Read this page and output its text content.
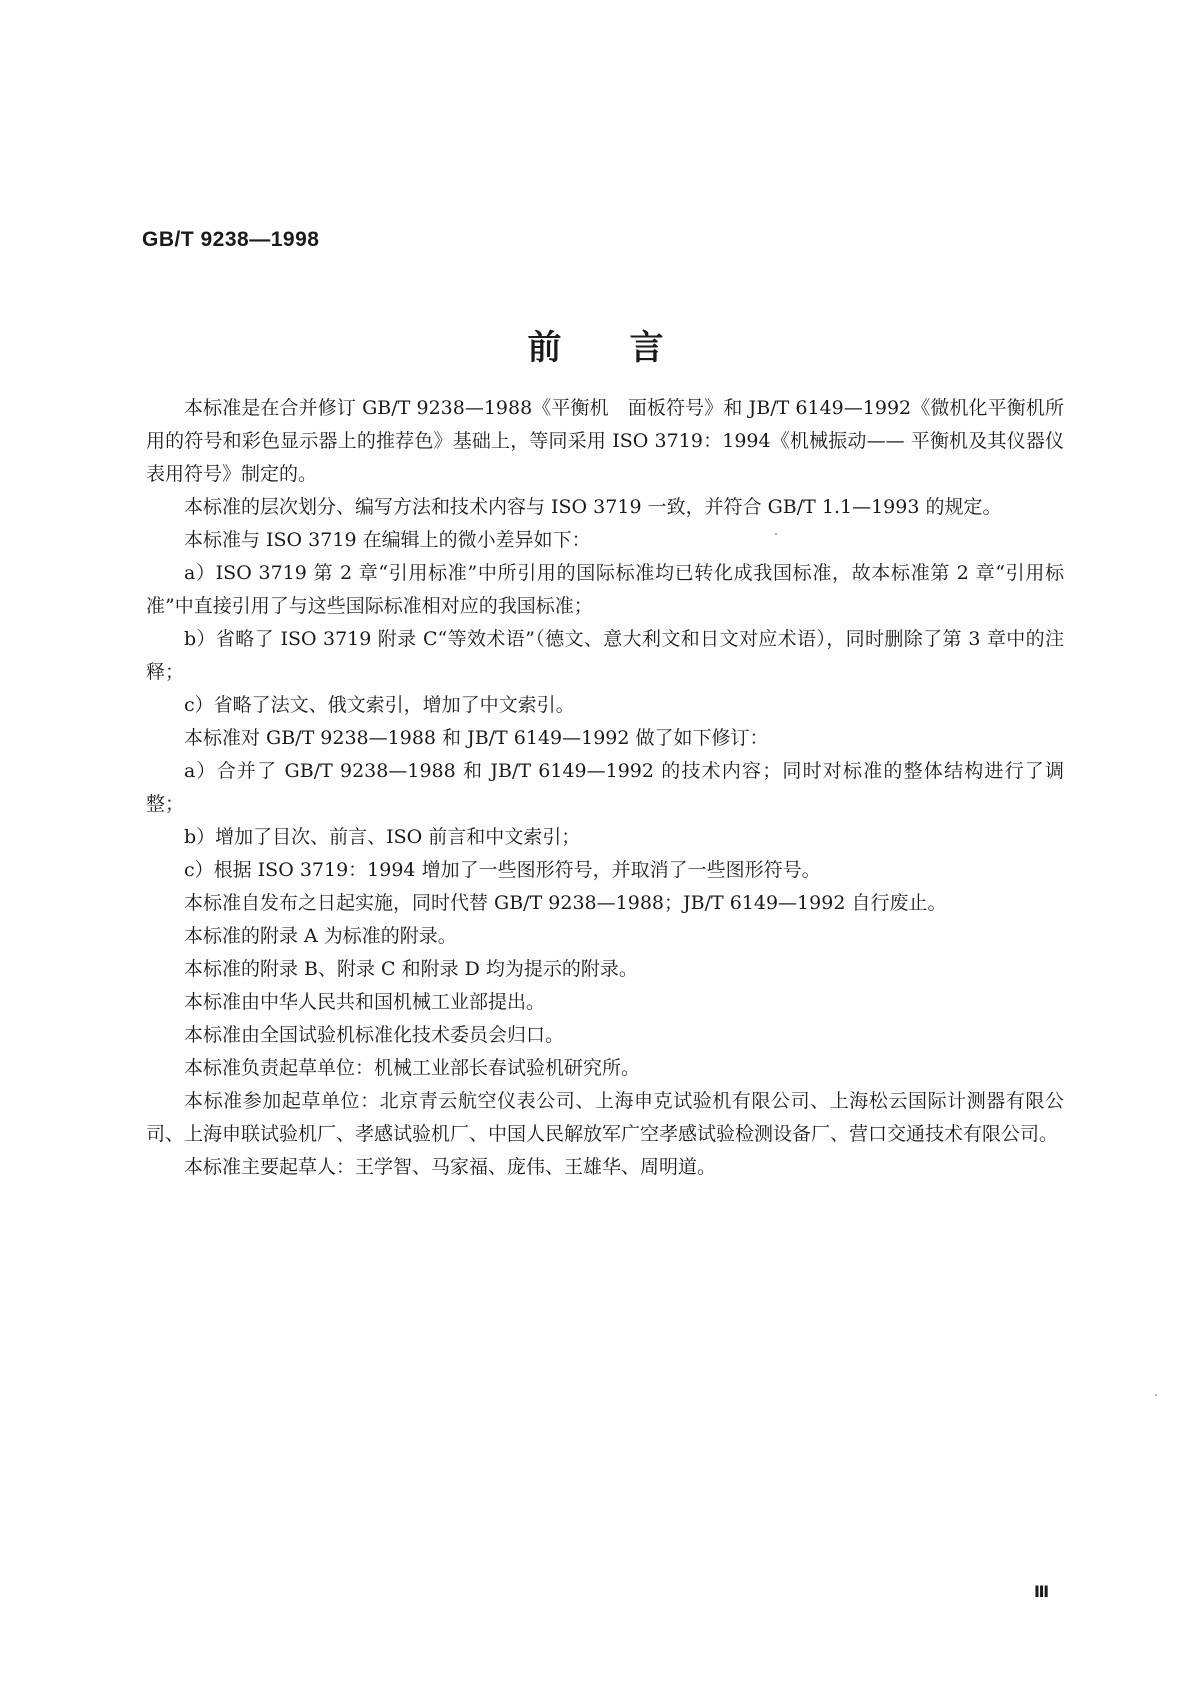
GB/T 9238—1998
前　　言

本标准是在合并修订 GB/T 9238—1988《平衡机　面板符号》和 JB/T 6149—1992《微机化平衡机所用的符号和彩色显示器上的推荐色》基础上，等同采用 ISO 3719：1994《机械振动—— 平衡机及其仪器仪表用符号》制定的。

本标准的层次划分、编写方法和技术内容与 ISO 3719 一致，并符合 GB/T 1.1—1993 的规定。

本标准与 ISO 3719 在编辑上的微小差异如下：

a）ISO 3719 第 2 章“引用标准”中所引用的国际标准均已转化成我国标准，故本标准第 2 章“引用标准”中直接引用了与这些国际标准相对应的我国标准；

b）省略了 ISO 3719 附录 C“等效术语”（德文、意大利文和日文对应术语），同时删除了第 3 章中的注释；

c）省略了法文、俄文索引，增加了中文索引。

本标准对 GB/T 9238—1988 和 JB/T 6149—1992 做了如下修订：

a）合并了 GB/T 9238—1988 和 JB/T 6149—1992 的技术内容；同时对标准的整体结构进行了调整；

b）增加了目次、前言、ISO 前言和中文索引；

c）根据 ISO 3719：1994 增加了一些图形符号，并取消了一些图形符号。

本标准自发布之日起实施，同时代替 GB/T 9238—1988；JB/T 6149—1992 自行废止。

本标准的附录 A 为标准的附录。

本标准的附录 B、附录 C 和附录 D 均为提示的附录。

本标准由中华人民共和国机械工业部提出。

本标准由全国试验机标准化技术委员会归口。

本标准负责起草单位：机械工业部长春试验机研究所。

本标准参加起草单位：北京青云航空仪表公司、上海申克试验机有限公司、上海松云国际计测器有限公司、上海申联试验机厂、孝感试验机厂、中国人民解放军广空孝感试验检测设备厂、营口交通技术有限公司。

本标准主要起草人：王学智、马家福、庞伟、王雄华、周明道。

Ⅲ
